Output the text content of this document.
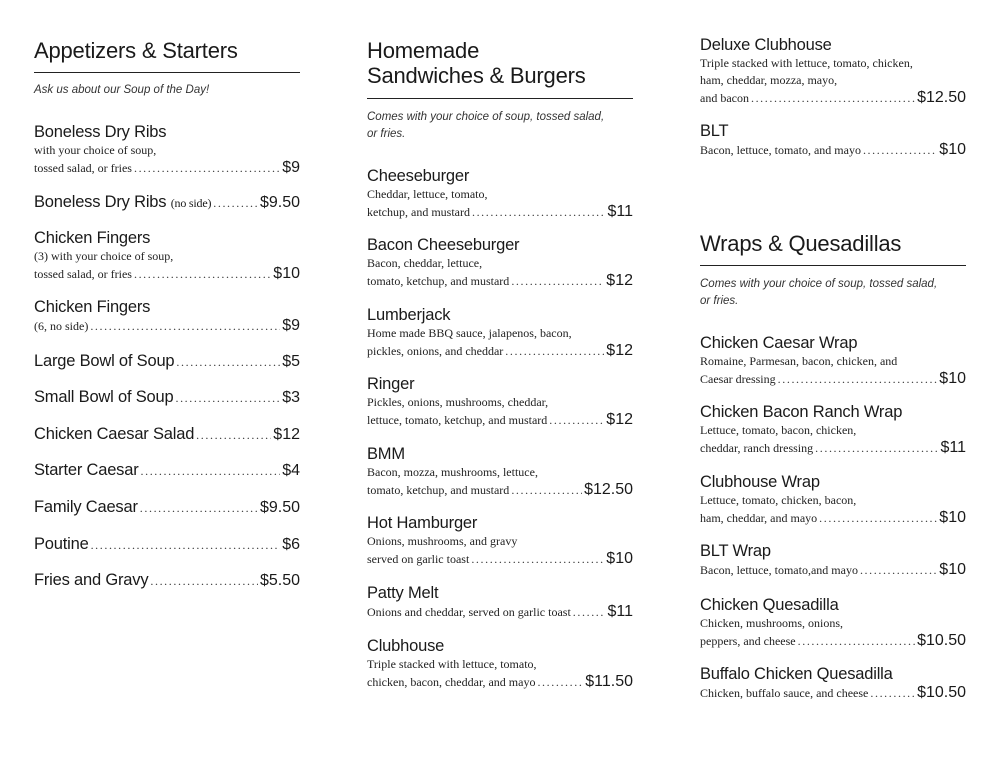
Appetizers & Starters
Ask us about our Soup of the Day!
Boneless Dry Ribs
with your choice of soup,
tossed salad, or fries .....	$9
Boneless Dry Ribs (no side) .....	$9.50
Chicken Fingers
(3) with your choice of soup,
tossed salad, or fries .....	$10
Chicken Fingers
(6, no side) .....	$9
Large Bowl of Soup .....	$5
Small Bowl of Soup .....	$3
Chicken Caesar Salad .....	$12
Starter Caesar .....	$4
Family Caesar .....	$9.50
Poutine .....	$6
Fries and Gravy .....	$5.50
Homemade
Sandwiches & Burgers
Comes with your choice of soup, tossed salad,
or fries.
Cheeseburger
Cheddar, lettuce, tomato,
ketchup, and mustard .....	$11
Bacon Cheeseburger
Bacon, cheddar, lettuce,
tomato, ketchup, and mustard .....	$12
Lumberjack
Home made BBQ sauce, jalapenos, bacon,
pickles, onions, and cheddar .....	$12
Ringer
Pickles, onions, mushrooms, cheddar,
lettuce, tomato, ketchup, and mustard .....	$12
BMM
Bacon, mozza, mushrooms, lettuce,
tomato, ketchup, and mustard .....	$12.50
Hot Hamburger
Onions, mushrooms, and gravy
served on garlic toast .....	$10
Patty Melt
Onions and cheddar, served on garlic toast ..... $11
Clubhouse
Triple stacked with lettuce, tomato,
chicken, bacon, cheddar, and mayo .....	$11.50
Deluxe Clubhouse
Triple stacked with lettuce, tomato, chicken,
ham, cheddar, mozza, mayo,
and bacon .....	$12.50
BLT
Bacon, lettuce, tomato, and mayo .....	$10
Wraps & Quesadillas
Comes with your choice of soup, tossed salad,
or fries.
Chicken Caesar Wrap
Romaine, Parmesan, bacon, chicken, and
Caesar dressing .....	$10
Chicken Bacon Ranch Wrap
Lettuce, tomato, bacon, chicken,
cheddar, ranch dressing .....	$11
Clubhouse Wrap
Lettuce, tomato, chicken, bacon,
ham, cheddar, and mayo .....	$10
BLT Wrap
Bacon, lettuce, tomato,and mayo .....	$10
Chicken Quesadilla
Chicken, mushrooms, onions,
peppers, and cheese .....	$10.50
Buffalo Chicken Quesadilla
Chicken, buffalo sauce, and cheese .....	$10.50
